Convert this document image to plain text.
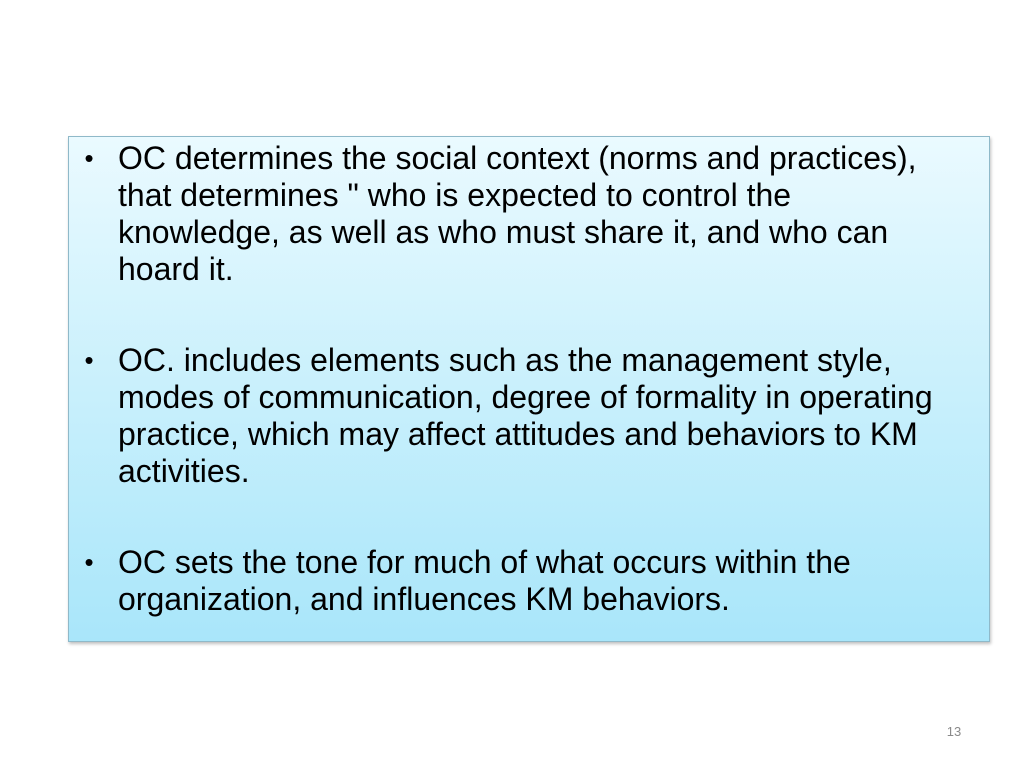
• OC determines the social context (norms and practices), that determines " who is expected to control the knowledge, as well as who must share it, and who can hoard it.
• OC. includes elements such as the management style, modes of communication, degree of formality in operating practice, which may affect attitudes and behaviors to KM activities.
• OC sets the tone for much of what occurs within the organization, and influences KM behaviors.
13
